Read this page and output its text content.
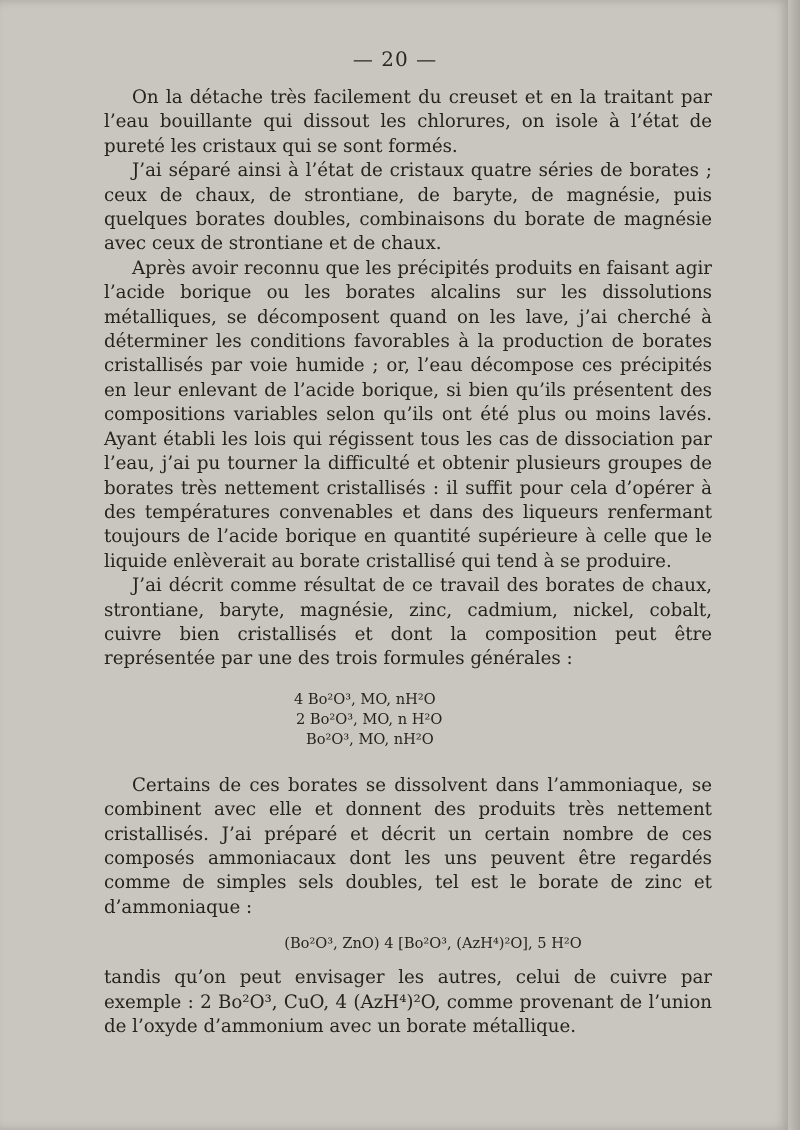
— 20 —

On la détache très facilement du creuset et en la traitant par l’eau bouillante qui dissout les chlorures, on isole à l’état de pureté les cristaux qui se sont formés.

J’ai séparé ainsi à l’état de cristaux quatre séries de borates ; ceux de chaux, de strontiane, de baryte, de magnésie, puis quelques borates doubles, combinaisons du borate de magnésie avec ceux de strontiane et de chaux.

Après avoir reconnu que les précipités produits en faisant agir l’acide borique ou les borates alcalins sur les dissolutions métalliques, se décomposent quand on les lave, j’ai cherché à déterminer les conditions favorables à la production de borates cristallisés par voie humide ; or, l’eau décompose ces précipités en leur enlevant de l’acide borique, si bien qu’ils présentent des compositions variables selon qu’ils ont été plus ou moins lavés. Ayant établi les lois qui régissent tous les cas de dissociation par l’eau, j’ai pu tourner la difficulté et obtenir plusieurs groupes de borates très nettement cristallisés : il suffit pour cela d’opérer à des températures convenables et dans des liqueurs renfermant toujours de l’acide borique en quantité supérieure à celle que le liquide enlèverait au borate cristallisé qui tend à se produire.

J’ai décrit comme résultat de ce travail des borates de chaux, strontiane, baryte, magnésie, zinc, cadmium, nickel, cobalt, cuivre bien cristallisés et dont la composition peut être représentée par une des trois formules générales :

4 Bo²O³, MO, nH²O
2 Bo²O³, MO, n H²O
Bo²O³, MO, nH²O

Certains de ces borates se dissolvent dans l’ammoniaque, se combinent avec elle et donnent des produits très nettement cristallisés. J’ai préparé et décrit un certain nombre de ces composés ammoniacaux dont les uns peuvent être regardés comme de simples sels doubles, tel est le borate de zinc et d’ammoniaque :

(Bo²O³, ZnO) 4 [Bo²O³, (AzH⁴)²O], 5 H²O

tandis qu’on peut envisager les autres, celui de cuivre par exemple : 2 Bo²O³, CuO, 4 (AzH⁴)²O, comme provenant de l’union de l’oxyde d’ammonium avec un borate métallique.
